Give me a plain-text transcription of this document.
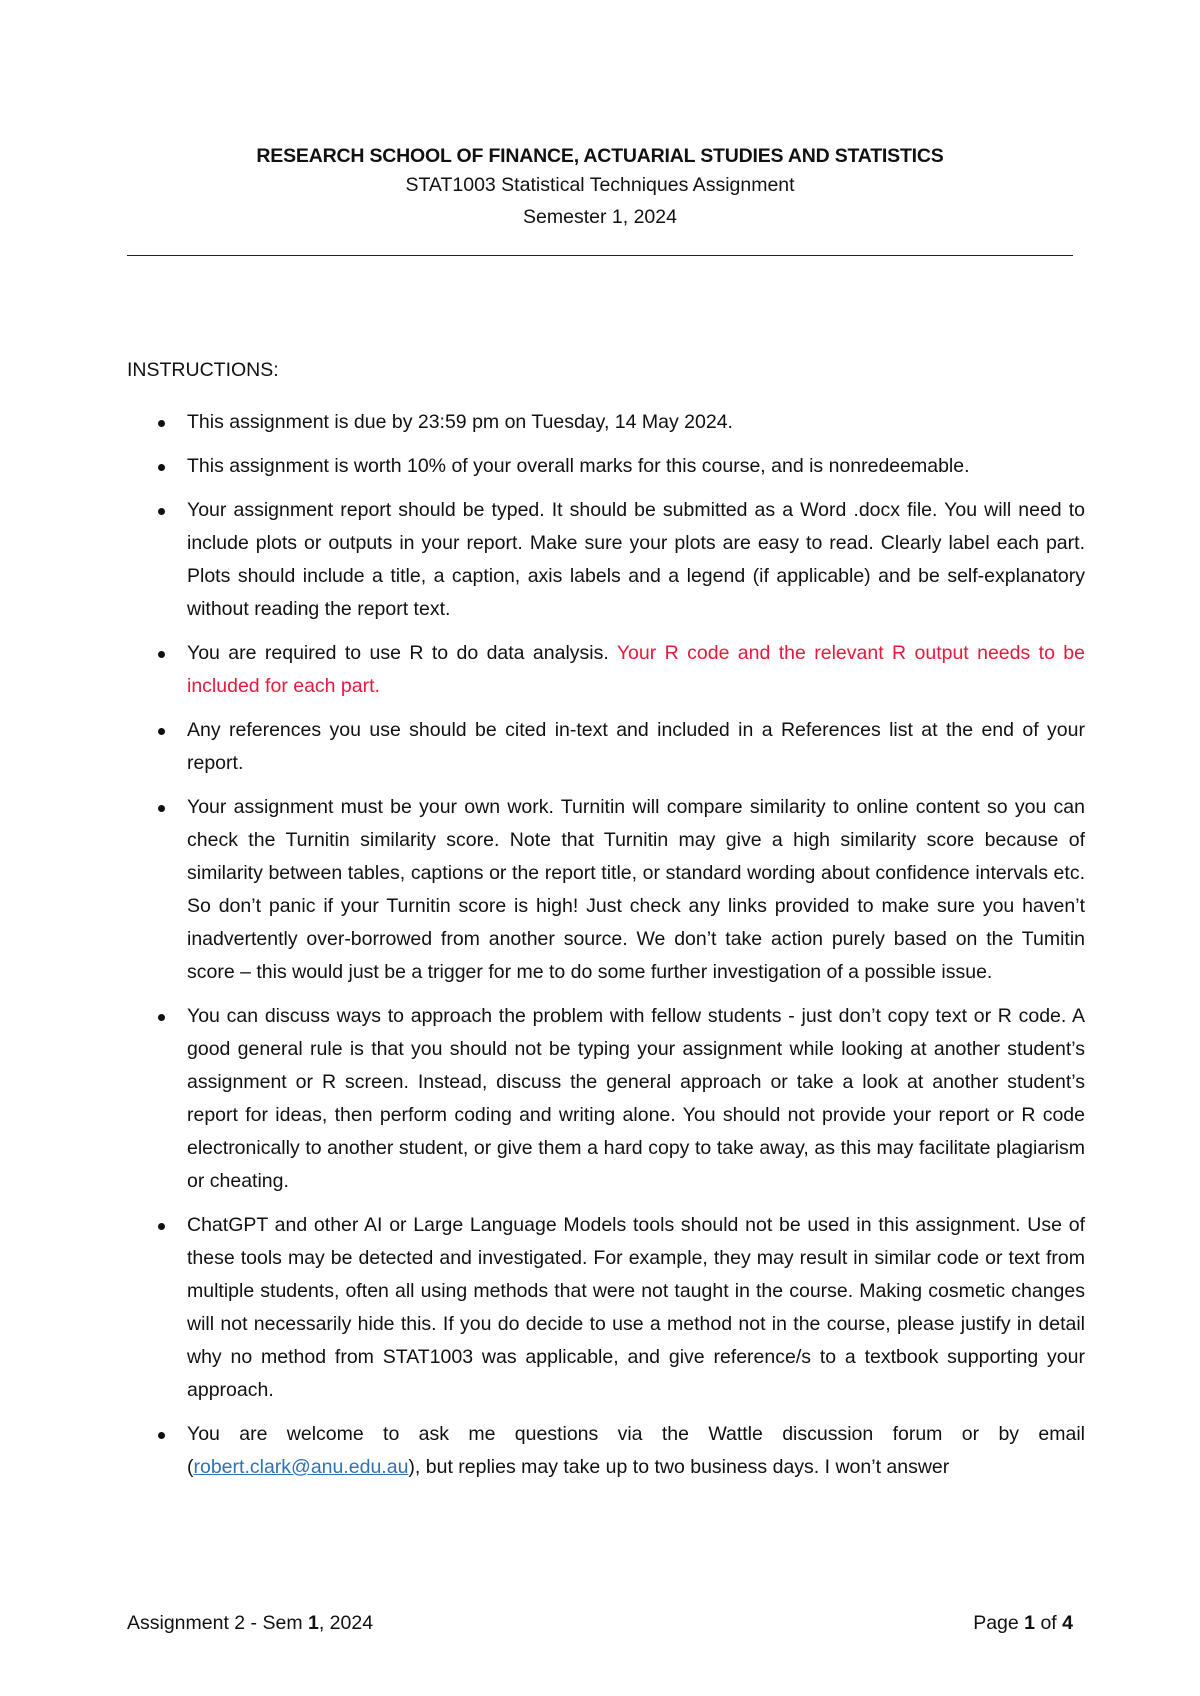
RESEARCH SCHOOL OF FINANCE, ACTUARIAL STUDIES AND STATISTICS
STAT1003 Statistical Techniques Assignment
Semester 1, 2024
INSTRUCTIONS:
This assignment is due by 23:59 pm on Tuesday, 14 May 2024.
This assignment is worth 10% of your overall marks for this course, and is nonredeemable.
Your assignment report should be typed. It should be submitted as a Word .docx file. You will need to include plots or outputs in your report. Make sure your plots are easy to read. Clearly label each part. Plots should include a title, a caption, axis labels and a legend (if applicable) and be self-explanatory without reading the report text.
You are required to use R to do data analysis. Your R code and the relevant R output needs to be included for each part.
Any references you use should be cited in-text and included in a References list at the end of your report.
Your assignment must be your own work. Turnitin will compare similarity to online content so you can check the Turnitin similarity score. Note that Turnitin may give a high similarity score because of similarity between tables, captions or the report title, or standard wording about confidence intervals etc. So don’t panic if your Turnitin score is high! Just check any links provided to make sure you haven’t inadvertently over-borrowed from another source. We don’t take action purely based on the Tumitin score – this would just be a trigger for me to do some further investigation of a possible issue.
You can discuss ways to approach the problem with fellow students - just don’t copy text or R code. A good general rule is that you should not be typing your assignment while looking at another student’s assignment or R screen. Instead, discuss the general approach or take a look at another student’s report for ideas, then perform coding and writing alone. You should not provide your report or R code electronically to another student, or give them a hard copy to take away, as this may facilitate plagiarism or cheating.
ChatGPT and other AI or Large Language Models tools should not be used in this assignment. Use of these tools may be detected and investigated. For example, they may result in similar code or text from multiple students, often all using methods that were not taught in the course. Making cosmetic changes will not necessarily hide this. If you do decide to use a method not in the course, please justify in detail why no method from STAT1003 was applicable, and give reference/s to a textbook supporting your approach.
You are welcome to ask me questions via the Wattle discussion forum or by email (robert.clark@anu.edu.au), but replies may take up to two business days. I won’t answer
Assignment 2 - Sem 1, 2024	Page 1 of 4
